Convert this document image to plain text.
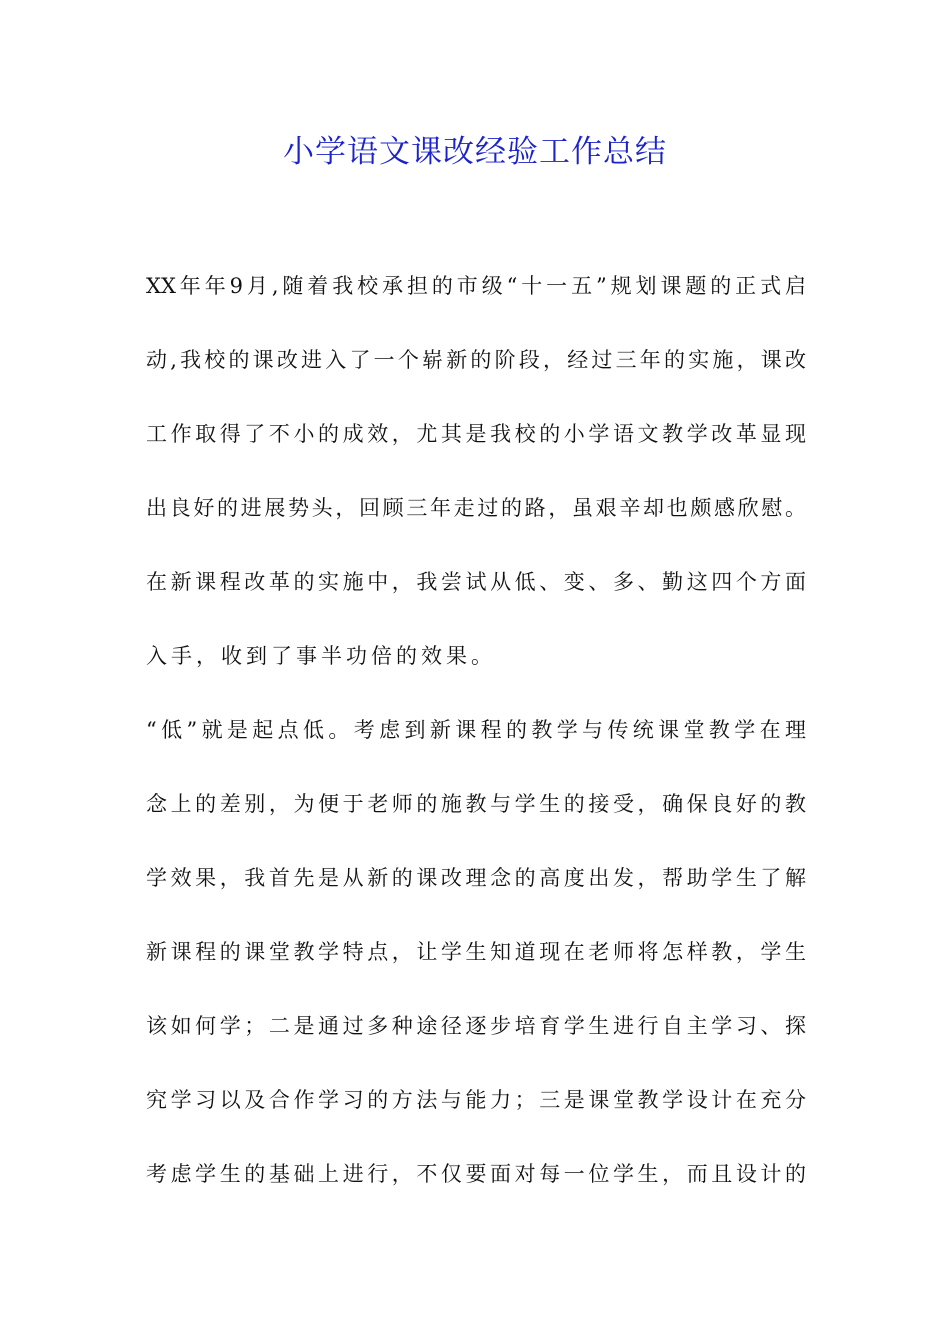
小学语文课改经验工作总结
XX年年9月,随着我校承担的市级“十一五”规划课题的正式启
动,我校的课改进入了一个崭新的阶段，经过三年的实施，课改
工作取得了不小的成效，尤其是我校的小学语文教学改革显现
出良好的进展势头，回顾三年走过的路，虽艰辛却也颇感欣慰。
在新课程改革的实施中，我尝试从低、变、多、勤这四个方面
入手，收到了事半功倍的效果。
“低”就是起点低。考虑到新课程的教学与传统课堂教学在理
念上的差别，为便于老师的施教与学生的接受，确保良好的教
学效果，我首先是从新的课改理念的高度出发，帮助学生了解
新课程的课堂教学特点，让学生知道现在老师将怎样教，学生
该如何学；二是通过多种途径逐步培育学生进行自主学习、探
究学习以及合作学习的方法与能力；三是课堂教学设计在充分
考虑学生的基础上进行，不仅要面对每一位学生，而且设计的
